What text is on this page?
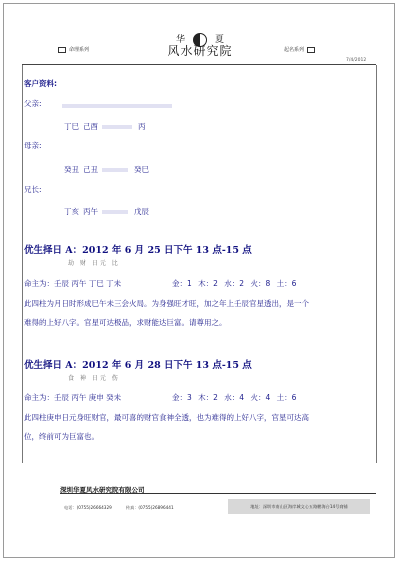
华	夏
风水研究院
命理系列	起名系列
7/4/2012
客户资料:
父亲:
丁巳 己酉	丙
母亲:
癸丑 己丑	癸巳
兄长:
丁亥 丙午	戊辰
优生择日 A：2012 年 6 月 25 日下午 13 点-15 点
劫 财 日元 比
命主为：壬辰 丙午 丁巳 丁未	金：1 木：2 水：2 火：8 土：6
此四柱为月日时形成巳午未三会火局。为身强旺才旺，加之年上壬辰官星透出，是一个
难得的上好八字。官星可达极品，求财能达巨富。请尊用之。
优生择日 A：2012 年 6 月 28 日下午 13 点-15 点
食 神 日元 伤
命主为：壬辰 丙午 庚申 癸未	金：3 木：2 水：4 火：4 土：6
此四柱庚申日元身旺财官，最可喜的财官食神全透，也为难得的上好八字，官星可达高
位，终前可为巨富也。
深圳华夏风水研究院有限公司
电话：(0755)26664329	传真：(0755)26896441	地址：深圳市南山区海岸城文心五路鹏海台14号商铺
